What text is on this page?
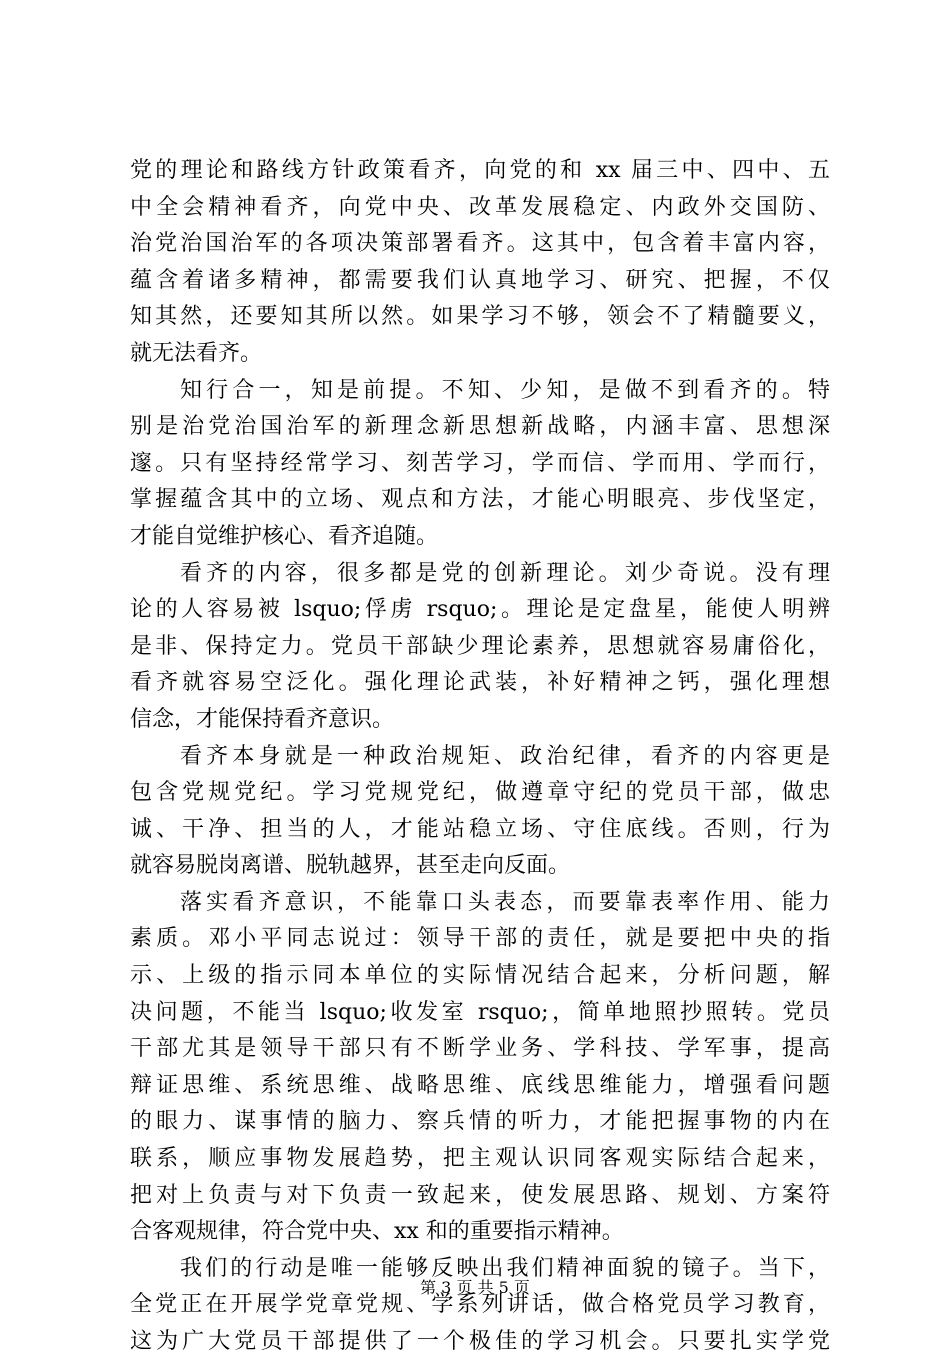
党的理论和路线方针政策看齐，向党的和 xx 届三中、四中、五
中全会精神看齐，向党中央、改革发展稳定、内政外交国防、
治党治国治军的各项决策部署看齐。这其中，包含着丰富内容，
蕴含着诸多精神，都需要我们认真地学习、研究、把握，不仅
知其然，还要知其所以然。如果学习不够，领会不了精髓要义，
就无法看齐。
知行合一，知是前提。不知、少知，是做不到看齐的。特
别是治党治国治军的新理念新思想新战略，内涵丰富、思想深
邃。只有坚持经常学习、刻苦学习，学而信、学而用、学而行，
掌握蕴含其中的立场、观点和方法，才能心明眼亮、步伐坚定，
才能自觉维护核心、看齐追随。
看齐的内容，很多都是党的创新理论。刘少奇说。没有理
论的人容易被 lsquo;俘虏 rsquo;。理论是定盘星，能使人明辨
是非、保持定力。党员干部缺少理论素养，思想就容易庸俗化，
看齐就容易空泛化。强化理论武装，补好精神之钙，强化理想
信念，才能保持看齐意识。
看齐本身就是一种政治规矩、政治纪律，看齐的内容更是
包含党规党纪。学习党规党纪，做遵章守纪的党员干部，做忠
诚、干净、担当的人，才能站稳立场、守住底线。否则，行为
就容易脱岗离谱、脱轨越界，甚至走向反面。
落实看齐意识，不能靠口头表态，而要靠表率作用、能力
素质。邓小平同志说过：领导干部的责任，就是要把中央的指
示、上级的指示同本单位的实际情况结合起来，分析问题，解
决问题，不能当 lsquo;收发室 rsquo;，简单地照抄照转。党员
干部尤其是领导干部只有不断学业务、学科技、学军事，提高
辩证思维、系统思维、战略思维、底线思维能力，增强看问题
的眼力、谋事情的脑力、察兵情的听力，才能把握事物的内在
联系，顺应事物发展趋势，把主观认识同客观实际结合起来，
把对上负责与对下负责一致起来，使发展思路、规划、方案符
合客观规律，符合党中央、xx 和的重要指示精神。
我们的行动是唯一能够反映出我们精神面貌的镜子。当下，
全党正在开展学党章党规、学系列讲话，做合格党员学习教育，
这为广大党员干部提供了一个极佳的学习机会。只要扎实学党
第 3 页 共 5 页
